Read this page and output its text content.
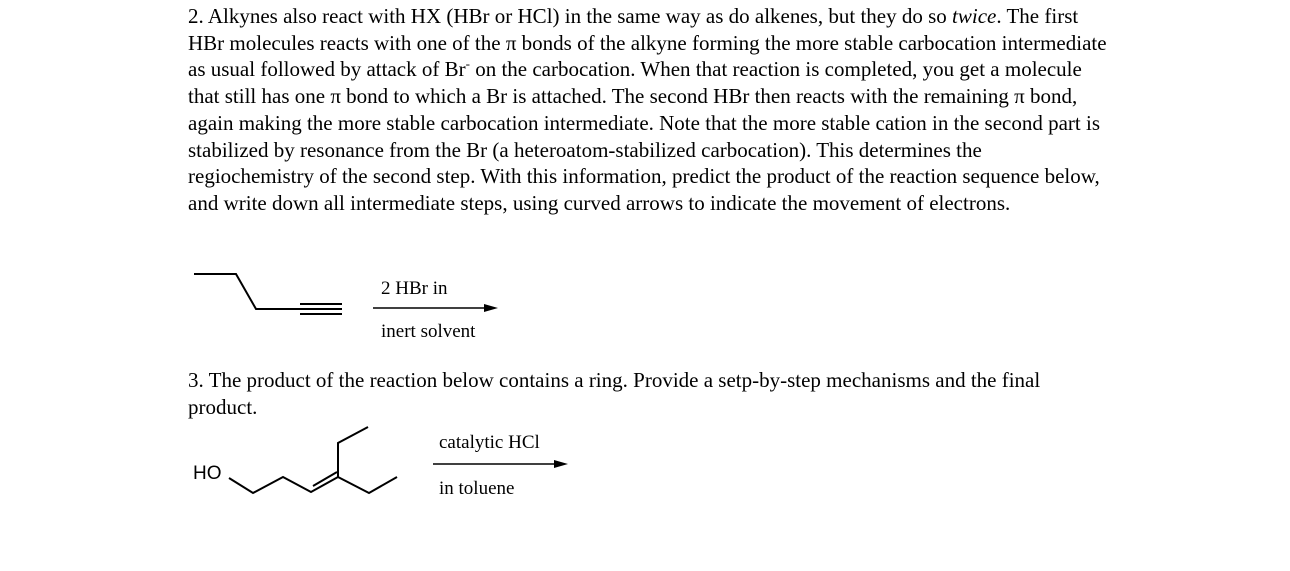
2. Alkynes also react with HX (HBr or HCl) in the same way as do alkenes, but they do so twice. The first HBr molecules reacts with one of the π bonds of the alkyne forming the more stable carbocation intermediate as usual followed by attack of Br- on the carbocation. When that reaction is completed, you get a molecule that still has one π bond to which a Br is attached. The second HBr then reacts with the remaining π bond, again making the more stable carbocation intermediate. Note that the more stable cation in the second part is stabilized by resonance from the Br (a heteroatom-stabilized carbocation). This determines the regiochemistry of the second step. With this information, predict the product of the reaction sequence below, and write down all intermediate steps, using curved arrows to indicate the movement of electrons.

2 HBr in
inert solvent

3. The product of the reaction below contains a ring. Provide a setp-by-step mechanisms and the final product.

HO
catalytic HCl
in toluene
